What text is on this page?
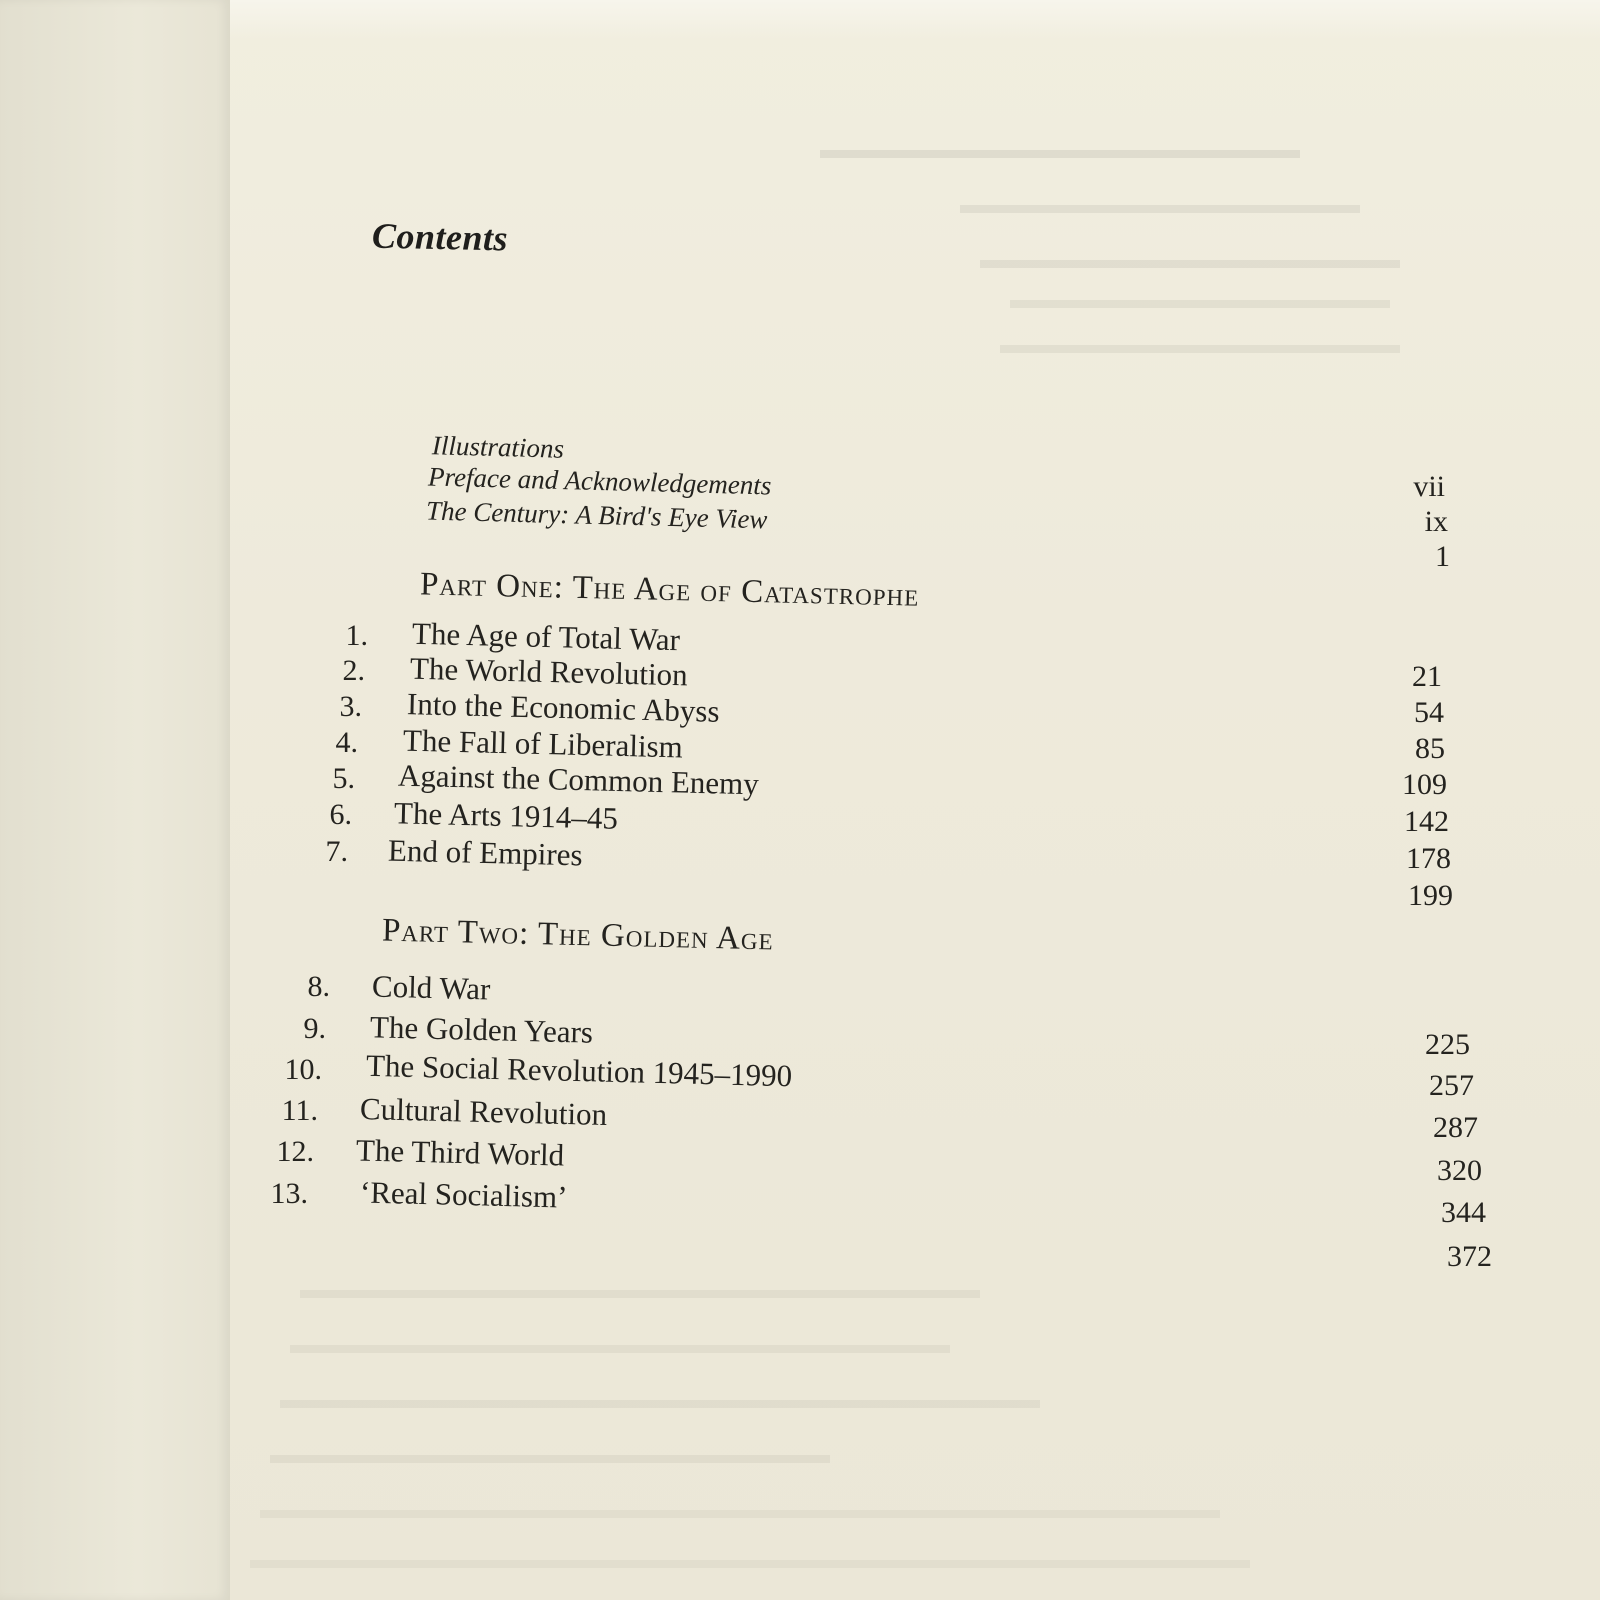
Contents
Illustrations
Preface and Acknowledgements
The Century: A Bird's Eye View
vii
ix
1
Part One: The Age of Catastrophe
1. The Age of Total War
2. The World Revolution
3. Into the Economic Abyss
4. The Fall of Liberalism
5. Against the Common Enemy
6. The Arts 1914–45
7. End of Empires
21
54
85
109
142
178
199
Part Two: The Golden Age
8. Cold War
9. The Golden Years
10. The Social Revolution 1945–1990
11. Cultural Revolution
12. The Third World
13. ‘Real Socialism’
225
257
287
320
344
372
